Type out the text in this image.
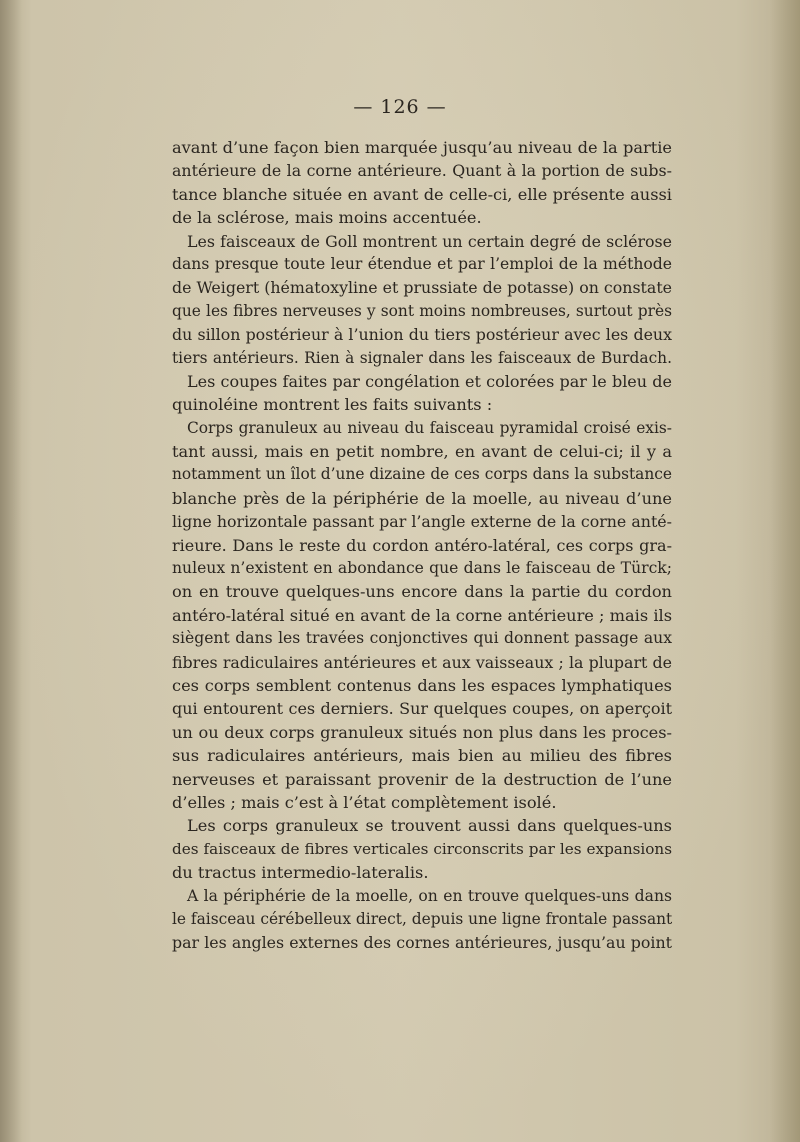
— 126 —
avant d’une façon bien marquée jusqu’au niveau de la partie
antérieure de la corne antérieure. Quant à la portion de subs-
tance blanche située en avant de celle-ci, elle présente aussi
de la sclérose, mais moins accentuée.
Les faisceaux de Goll montrent un certain degré de sclérose
dans presque toute leur étendue et par l’emploi de la méthode
de Weigert (hématoxyline et prussiate de potasse) on constate
que les fibres nerveuses y sont moins nombreuses, surtout près
du sillon postérieur à l’union du tiers postérieur avec les deux
tiers antérieurs. Rien à signaler dans les faisceaux de Burdach.
Les coupes faites par congélation et colorées par le bleu de
quinoléine montrent les faits suivants :
Corps granuleux au niveau du faisceau pyramidal croisé exis-
tant aussi, mais en petit nombre, en avant de celui-ci; il y a
notamment un îlot d’une dizaine de ces corps dans la substance
blanche près de la périphérie de la moelle, au niveau d’une
ligne horizontale passant par l’angle externe de la corne anté-
rieure. Dans le reste du cordon antéro-latéral, ces corps gra-
nuleux n’existent en abondance que dans le faisceau de Türck;
on en trouve quelques-uns encore dans la partie du cordon
antéro-latéral situé en avant de la corne antérieure ; mais ils
siègent dans les travées conjonctives qui donnent passage aux
fibres radiculaires antérieures et aux vaisseaux ; la plupart de
ces corps semblent contenus dans les espaces lymphatiques
qui entourent ces derniers. Sur quelques coupes, on aperçoit
un ou deux corps granuleux situés non plus dans les proces-
sus radiculaires antérieurs, mais bien au milieu des fibres
nerveuses et paraissant provenir de la destruction de l’une
d’elles ; mais c’est à l’état complètement isolé.
Les corps granuleux se trouvent aussi dans quelques-uns
des faisceaux de fibres verticales circonscrits par les expansions
du tractus intermedio-lateralis.
A la périphérie de la moelle, on en trouve quelques-uns dans
le faisceau cérébelleux direct, depuis une ligne frontale passant
par les angles externes des cornes antérieures, jusqu’au point
